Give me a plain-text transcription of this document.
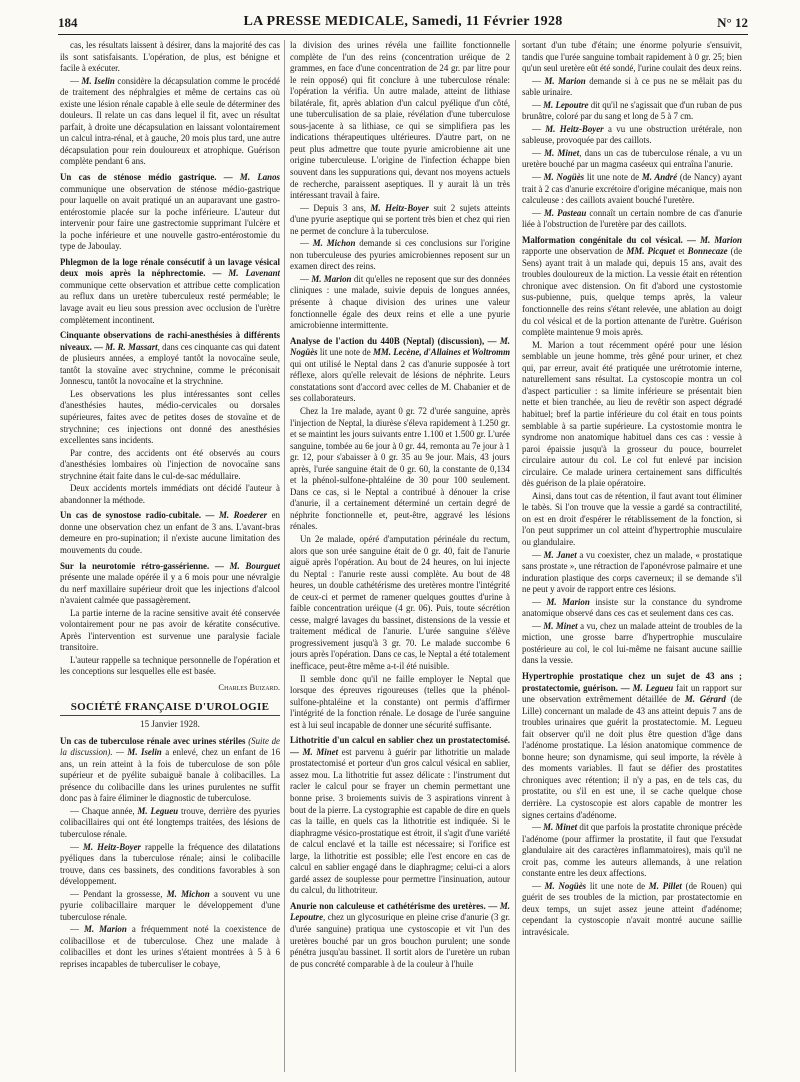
184	LA PRESSE MEDICALE, Samedi, 11 Février 1928	N° 12

cas, les résultats laissent à désirer, dans la majorité des cas ils sont satisfaisants. L'opération, de plus, est bénigne et facile à exécuter.

— M. Iselin considère la décapsulation comme le procédé de traitement des néphralgies et même de certains cas où existe une lésion rénale capable à elle seule de déterminer des douleurs. Il relate un cas dans lequel il fit, avec un résultat parfait, à droite une décapsulation en laissant volontairement un calcul intra-rénal, et à gauche, 20 mois plus tard, une autre décapsulation pour rein douloureux et atrophique. Guérison complète pendant 6 ans.

Un cas de sténose médio gastrique. — M. Lanos communique une observation de sténose médio-gastrique pour laquelle on avait pratiqué un an auparavant une gastro-entérostomie placée sur la poche inférieure. L'auteur dut intervenir pour faire une gastrectomie supprimant l'ulcère et la poche inférieure et une nouvelle gastro-entérostomie du type de Jaboulay.

Phlegmon de la loge rénale consécutif à un lavage vésical deux mois après la néphrectomie. — M. Lavenant communique cette observation et attribue cette complication au reflux dans un uretère tuberculeux resté perméable; le lavage avait eu lieu sous pression avec occlusion de l'urètre complètement incontinent.

Cinquante observations de rachi-anesthésies à différents niveaux. — M. R. Massart, dans ces cinquante cas qui datent de plusieurs années, a employé tantôt la novocaïne seule, tantôt la stovaïne avec strychnine, comme le préconisait Jonnescu, tantôt la novocaïne et la strychnine.

Les observations les plus intéressantes sont celles d'anesthésies hautes, médio-cervicales ou dorsales supérieures, faites avec de petites doses de stovaïne et de strychnine; ces injections ont donné des anesthésies excellentes sans incidents.

Par contre, des accidents ont été observés au cours d'anesthésies lombaires où l'injection de novocaïne sans strychnine était faite dans le cul-de-sac médullaire.

Deux accidents mortels immédiats ont décidé l'auteur à abandonner la méthode.

Un cas de synostose radio-cubitale. — M. Roederer en donne une observation chez un enfant de 3 ans. L'avant-bras demeure en pro-supination; il n'existe aucune limitation des mouvements du coude.

Sur la neurotomie rétro-gassérienne. — M. Bourguet présente une malade opérée il y a 6 mois pour une névralgie du nerf maxillaire supérieur droit que les injections d'alcool n'avaient calmée que passagèrement.

La partie interne de la racine sensitive avait été conservée volontairement pour ne pas avoir de kératite consécutive. Après l'intervention est survenue une paralysie faciale transitoire.

L'auteur rappelle sa technique personnelle de l'opération et les conceptions sur lesquelles elle est basée.

Charles Buizard.
SOCIÉTÉ FRANÇAISE D'UROLOGIE
15 Janvier 1928.

Un cas de tuberculose rénale avec urines stériles (Suite de la discussion). — M. Iselin a enlevé, chez un enfant de 16 ans, un rein atteint à la fois de tuberculose de son pôle supérieur et de pyélite subaiguë banale à colibacilles. La présence du colibacille dans les urines purulentes ne suffit donc pas à faire éliminer le diagnostic de tuberculose.

— Chaque année, M. Legueu trouve, derrière des pyuries colibacillaires qui ont été longtemps traitées, des lésions de tuberculose rénale.

— M. Heitz-Boyer rappelle la fréquence des dilatations pyéliques dans la tuberculose rénale; ainsi le colibacille trouve, dans ces bassinets, des conditions favorables à son développement.

— Pendant la grossesse, M. Michon a souvent vu une pyurie colibacillaire marquer le développement d'une tuberculose rénale.

— M. Marion a fréquemment noté la coexistence de colibacillose et de tuberculose. Chez une malade à colibacilles et dont les urines s'étaient montrées à 5 à 6 reprises incapables de tuberculiser le cobaye,

la division des urines révéla une faillite fonctionnelle complète de l'un des reins (concentration uréique de 2 grammes, en face d'une concentration de 24 gr. par litre pour le rein opposé) qui fit conclure à une tuberculose rénale: l'opération la vérifia. Un autre malade, atteint de lithiase bilatérale, fit, après ablation d'un calcul pyélique d'un côté, une tuberculisation de sa plaie, révélation d'une tuberculose sous-jacente à sa lithiase, ce qui se simplifiera pas les indications thérapeutiques ultérieures. D'autre part, on ne peut plus admettre que toute pyurie amicrobienne ait une origine tuberculeuse. L'origine de l'infection échappe bien souvent dans les suppurations qui, devant nos moyens actuels de recherche, paraissent aseptiques. Il y aurait là un très intéressant travail à faire.

— Depuis 3 ans, M. Heitz-Boyer suit 2 sujets atteints d'une pyurie aseptique qui se portent très bien et chez qui rien ne permet de conclure à la tuberculose.

— M. Michon demande si ces conclusions sur l'origine non tuberculeuse des pyuries amicrobiennes reposent sur un examen direct des reins.

— M. Marion dit qu'elles ne reposent que sur des données cliniques : une malade, suivie depuis de longues années, présente à chaque division des urines une valeur fonctionnelle égale des deux reins et elle a une pyurie amicrobienne intermittente.

Analyse de l'action du 440B (Neptal) (discussion), — M. Nogüès lit une note de MM. Lecène, d'Allaines et Woltromm qui ont utilisé le Neptal dans 2 cas d'anurie supposée à tort réflexe, alors qu'elle relevait de lésions de néphrite. Leurs constatations sont d'accord avec celles de M. Chabanier et de ses collaborateurs.

Chez la 1re malade, ayant 0 gr. 72 d'urée sanguine, après l'injection de Neptal, la diurèse s'éleva rapidement à 1.250 gr. et se maintint les jours suivants entre 1.100 et 1.500 gr. L'urée sanguine, tombée au 6e jour à 0 gr. 44, remonta au 7e jour à 1 gr. 12, pour s'abaisser à 0 gr. 35 au 9e jour. Mais, 43 jours après, l'urée sanguine était de 0 gr. 60, la constante de 0,134 et la phénol-sulfone-phtaléine de 30 pour 100 seulement. Dans ce cas, si le Neptal a contribué à dénouer la crise d'anurie, il a certainement déterminé un certain degré de néphrite fonctionnelle et, peut-être, aggravé les lésions rénales.

Un 2e malade, opéré d'amputation périnéale du rectum, alors que son urée sanguine était de 0 gr. 40, fait de l'anurie aiguë après l'opération. Au bout de 24 heures, on lui injecte du Neptal : l'anurie reste aussi complète. Au bout de 48 heures, un double cathétérisme des uretères montre l'intégrité de ceux-ci et permet de ramener quelques gouttes d'urine à faible concentration uréique (4 gr. 06). Puis, toute sécrétion cesse, malgré lavages du bassinet, distensions de la vessie et traitement médical de l'anurie. L'urée sanguine s'élève progressivement jusqu'à 3 gr. 70. Le malade succombe 6 jours après l'opération. Dans ce cas, le Neptal a été totalement inefficace, peut-être même a-t-il été nuisible.

Il semble donc qu'il ne faille employer le Neptal que lorsque des épreuves rigoureuses (telles que la phénol-sulfone-phtaléine et la constante) ont permis d'affirmer l'intégrité de la fonction rénale. Le dosage de l'urée sanguine est à lui seul incapable de donner une sécurité suffisante.

Lithotritie d'un calcul en sablier chez un prostatectomisé. — M. Minet est parvenu à guérir par lithotritie un malade prostatectomisé et porteur d'un gros calcul vésical en sablier, assez mou. La lithotritie fut assez délicate : l'instrument dut racler le calcul pour se frayer un chemin permettant une bonne prise. 3 broiements suivis de 3 aspirations vinrent à bout de la pierre. La cystographie est capable de dire en quels cas la taille, en quels cas la lithotritie est indiquée. Si le diaphragme vésico-prostatique est étroit, il s'agit d'une variété de calcul enclavé et la taille est nécessaire; si l'orifice est large, la lithotritie est possible; elle l'est encore en cas de calcul en sablier engagé dans le diaphragme; celui-ci a alors gardé assez de souplesse pour permettre l'insinuation, autour du calcul, du lithotriteur.

Anurie non calculeuse et cathétérisme des uretères. — M. Lepoutre, chez un glycosurique en pleine crise d'anurie (3 gr. d'urée sanguine) pratiqua une cystoscopie et vit l'un des uretères bouché par un gros bouchon purulent; une sonde pénétra jusqu'au bassinet. Il sortit alors de l'uretère un ruban de pus concrété comparable à de la couleur à l'huile

sortant d'un tube d'étain; une énorme polyurie s'ensuivit, tandis que l'urée sanguine tombait rapidement à 0 gr. 25; bien qu'un seul uretère eût été sondé, l'urine coulait des deux reins.

— M. Marion demande si à ce pus ne se mêlait pas du sable urinaire.

— M. Lepoutre dit qu'il ne s'agissait que d'un ruban de pus brunâtre, coloré par du sang et long de 5 à 7 cm.

— M. Heitz-Boyer a vu une obstruction urétérale, non sableuse, provoquée par des caillots.

— M. Minet, dans un cas de tuberculose rénale, a vu un uretère bouché par un magma caséeux qui entraîna l'anurie.

— M. Nogüès lit une note de M. André (de Nancy) ayant trait à 2 cas d'anurie excrétoire d'origine mécanique, mais non calculeuse : des caillots avaient bouché l'uretère.

— M. Pasteau connaît un certain nombre de cas d'anurie liée à l'obstruction de l'uretère par des caillots.

Malformation congénitale du col vésical. — M. Marion rapporte une observation de MM. Picquet et Bonnecaze (de Sens) ayant trait à un malade qui, depuis 15 ans, avait des troubles douloureux de la miction. La vessie était en rétention chronique avec distension. On fit d'abord une cystostomie sus-pubienne, puis, quelque temps après, la valeur fonctionnelle des reins s'étant relevée, une ablation au doigt du col vésical et de la portion attenante de l'urètre. Guérison complète maintenue 9 mois après.

M. Marion a tout récemment opéré pour une lésion semblable un jeune homme, très gêné pour uriner, et chez qui, par erreur, avait été pratiquée une urétrotomie interne, naturellement sans résultat. La cystoscopie montra un col d'aspect particulier : sa limite inférieure se présentait bien nette et bien tranchée, au lieu de revêtir son aspect dégradé habituel; bref la partie inférieure du col était en tous points semblable à sa partie supérieure. La cystostomie montra le syndrome non anatomique habituel dans ces cas : vessie à paroi épaissie jusqu'à la grosseur du pouce, bourrelet circulaire autour du col. Le col fut enlevé par incision circulaire. Ce malade urinera certainement sans difficultés dès guérison de la plaie opératoire.

Ainsi, dans tout cas de rétention, il faut avant tout éliminer le tabès. Si l'on trouve que la vessie a gardé sa contractilité, on est en droit d'espérer le rétablissement de la fonction, si l'on peut supprimer un col atteint d'hypertrophie musculaire ou glandulaire.

— M. Janet a vu coexister, chez un malade, « prostatique sans prostate », une rétraction de l'aponévrose palmaire et une induration plastique des corps caverneux; il se demande s'il ne peut y avoir de rapport entre ces lésions.

— M. Marion insiste sur la constance du syndrome anatomique observé dans ces cas et seulement dans ces cas.

— M. Minet a vu, chez un malade atteint de troubles de la miction, une grosse barre d'hypertrophie musculaire postérieure au col, le col lui-même ne faisant aucune saillie dans la vessie.

Hypertrophie prostatique chez un sujet de 43 ans ; prostatectomie, guérison. — M. Legueu fait un rapport sur une observation extrêmement détaillée de M. Gérard (de Lille) concernant un malade de 43 ans atteint depuis 7 ans de troubles urinaires que guérit la prostatectomie. M. Legueu fait observer qu'il ne doit plus être question d'âge dans l'adénome prostatique. La lésion anatomique commence de bonne heure; son dynamisme, qui seul importe, la révèle à des moments variables. Il faut se défier des prostatites chroniques avec rétention; il n'y a pas, en de tels cas, du prostatite, ou s'il en est une, il se cache quelque chose derrière. La cystoscopie est alors capable de montrer les signes certains d'adénome.

— M. Minet dit que parfois la prostatite chronique précède l'adénome (pour affirmer la prostatite, il faut que l'exsudat glandulaire ait des caractères inflammatoires), mais qu'il ne croit pas, comme les auteurs allemands, à une relation constante entre les deux affections.

— M. Nogüès lit une note de M. Pillet (de Rouen) qui guérit de ses troubles de la miction, par prostatectomie en deux temps, un sujet assez jeune atteint d'adénome; cependant la cystoscopie n'avait montré aucune saillie intravésicale.
